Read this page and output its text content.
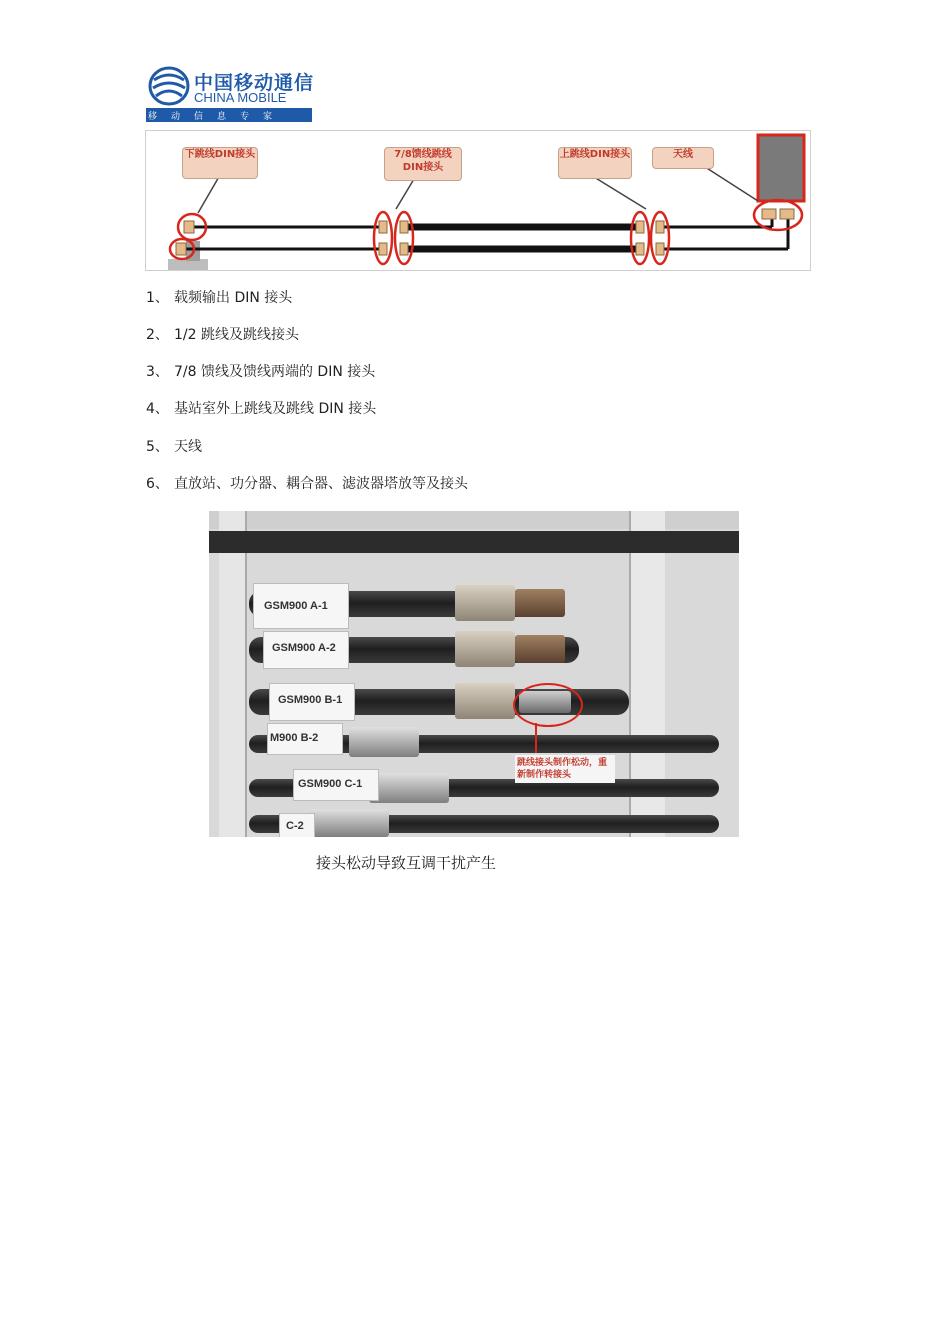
中国移动通信
CHINA MOBILE
移动信息专家
下跳线DIN接头	7/8馈线跳线DIN接头
上跳线DIN接头	天线
1、 载频输出 DIN 接头
2、 1/2 跳线及跳线接头
3、 7/8 馈线及馈线两端的 DIN 接头
4、 基站室外上跳线及跳线 DIN 接头
5、 天线
6、 直放站、功分器、耦合器、滤波器塔放等及接头
GSM900 A-1
GSM900 A-2
GSM900 B-1
M900 B-2
GSM900 C-1
C-2
跳线接头制作松动，重新制作转接头
接头松动导致互调干扰产生
